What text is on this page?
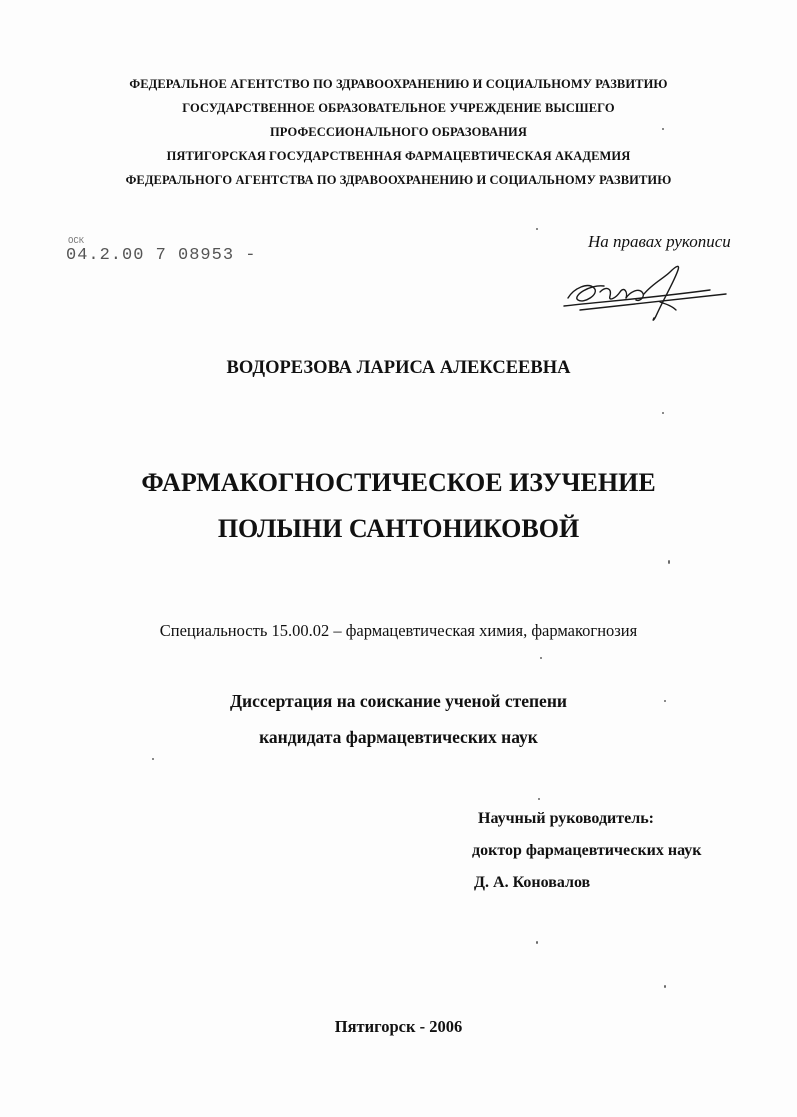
ФЕДЕРАЛЬНОЕ АГЕНТСТВО ПО ЗДРАВООХРАНЕНИЮ И СОЦИАЛЬНОМУ РАЗВИТИЮ
ГОСУДАРСТВЕННОЕ ОБРАЗОВАТЕЛЬНОЕ УЧРЕЖДЕНИЕ ВЫСШЕГО
ПРОФЕССИОНАЛЬНОГО ОБРАЗОВАНИЯ
ПЯТИГОРСКАЯ ГОСУДАРСТВЕННАЯ ФАРМАЦЕВТИЧЕСКАЯ АКАДЕМИЯ
ФЕДЕРАЛЬНОГО АГЕНТСТВА ПО ЗДРАВООХРАНЕНИЮ И СОЦИАЛЬНОМУ РАЗВИТИЮ
ОСК
04.2.00 7 08953 -
На правах рукописи
ВОДОРЕЗОВА ЛАРИСА АЛЕКСЕЕВНА
ФАРМАКОГНОСТИЧЕСКОЕ ИЗУЧЕНИЕ
ПОЛЫНИ САНТОНИКОВОЙ
Специальность 15.00.02 – фармацевтическая химия, фармакогнозия
Диссертация на соискание ученой степени
кандидата фармацевтических наук
Научный руководитель:
доктор фармацевтических наук
Д. А. Коновалов
Пятигорск - 2006
